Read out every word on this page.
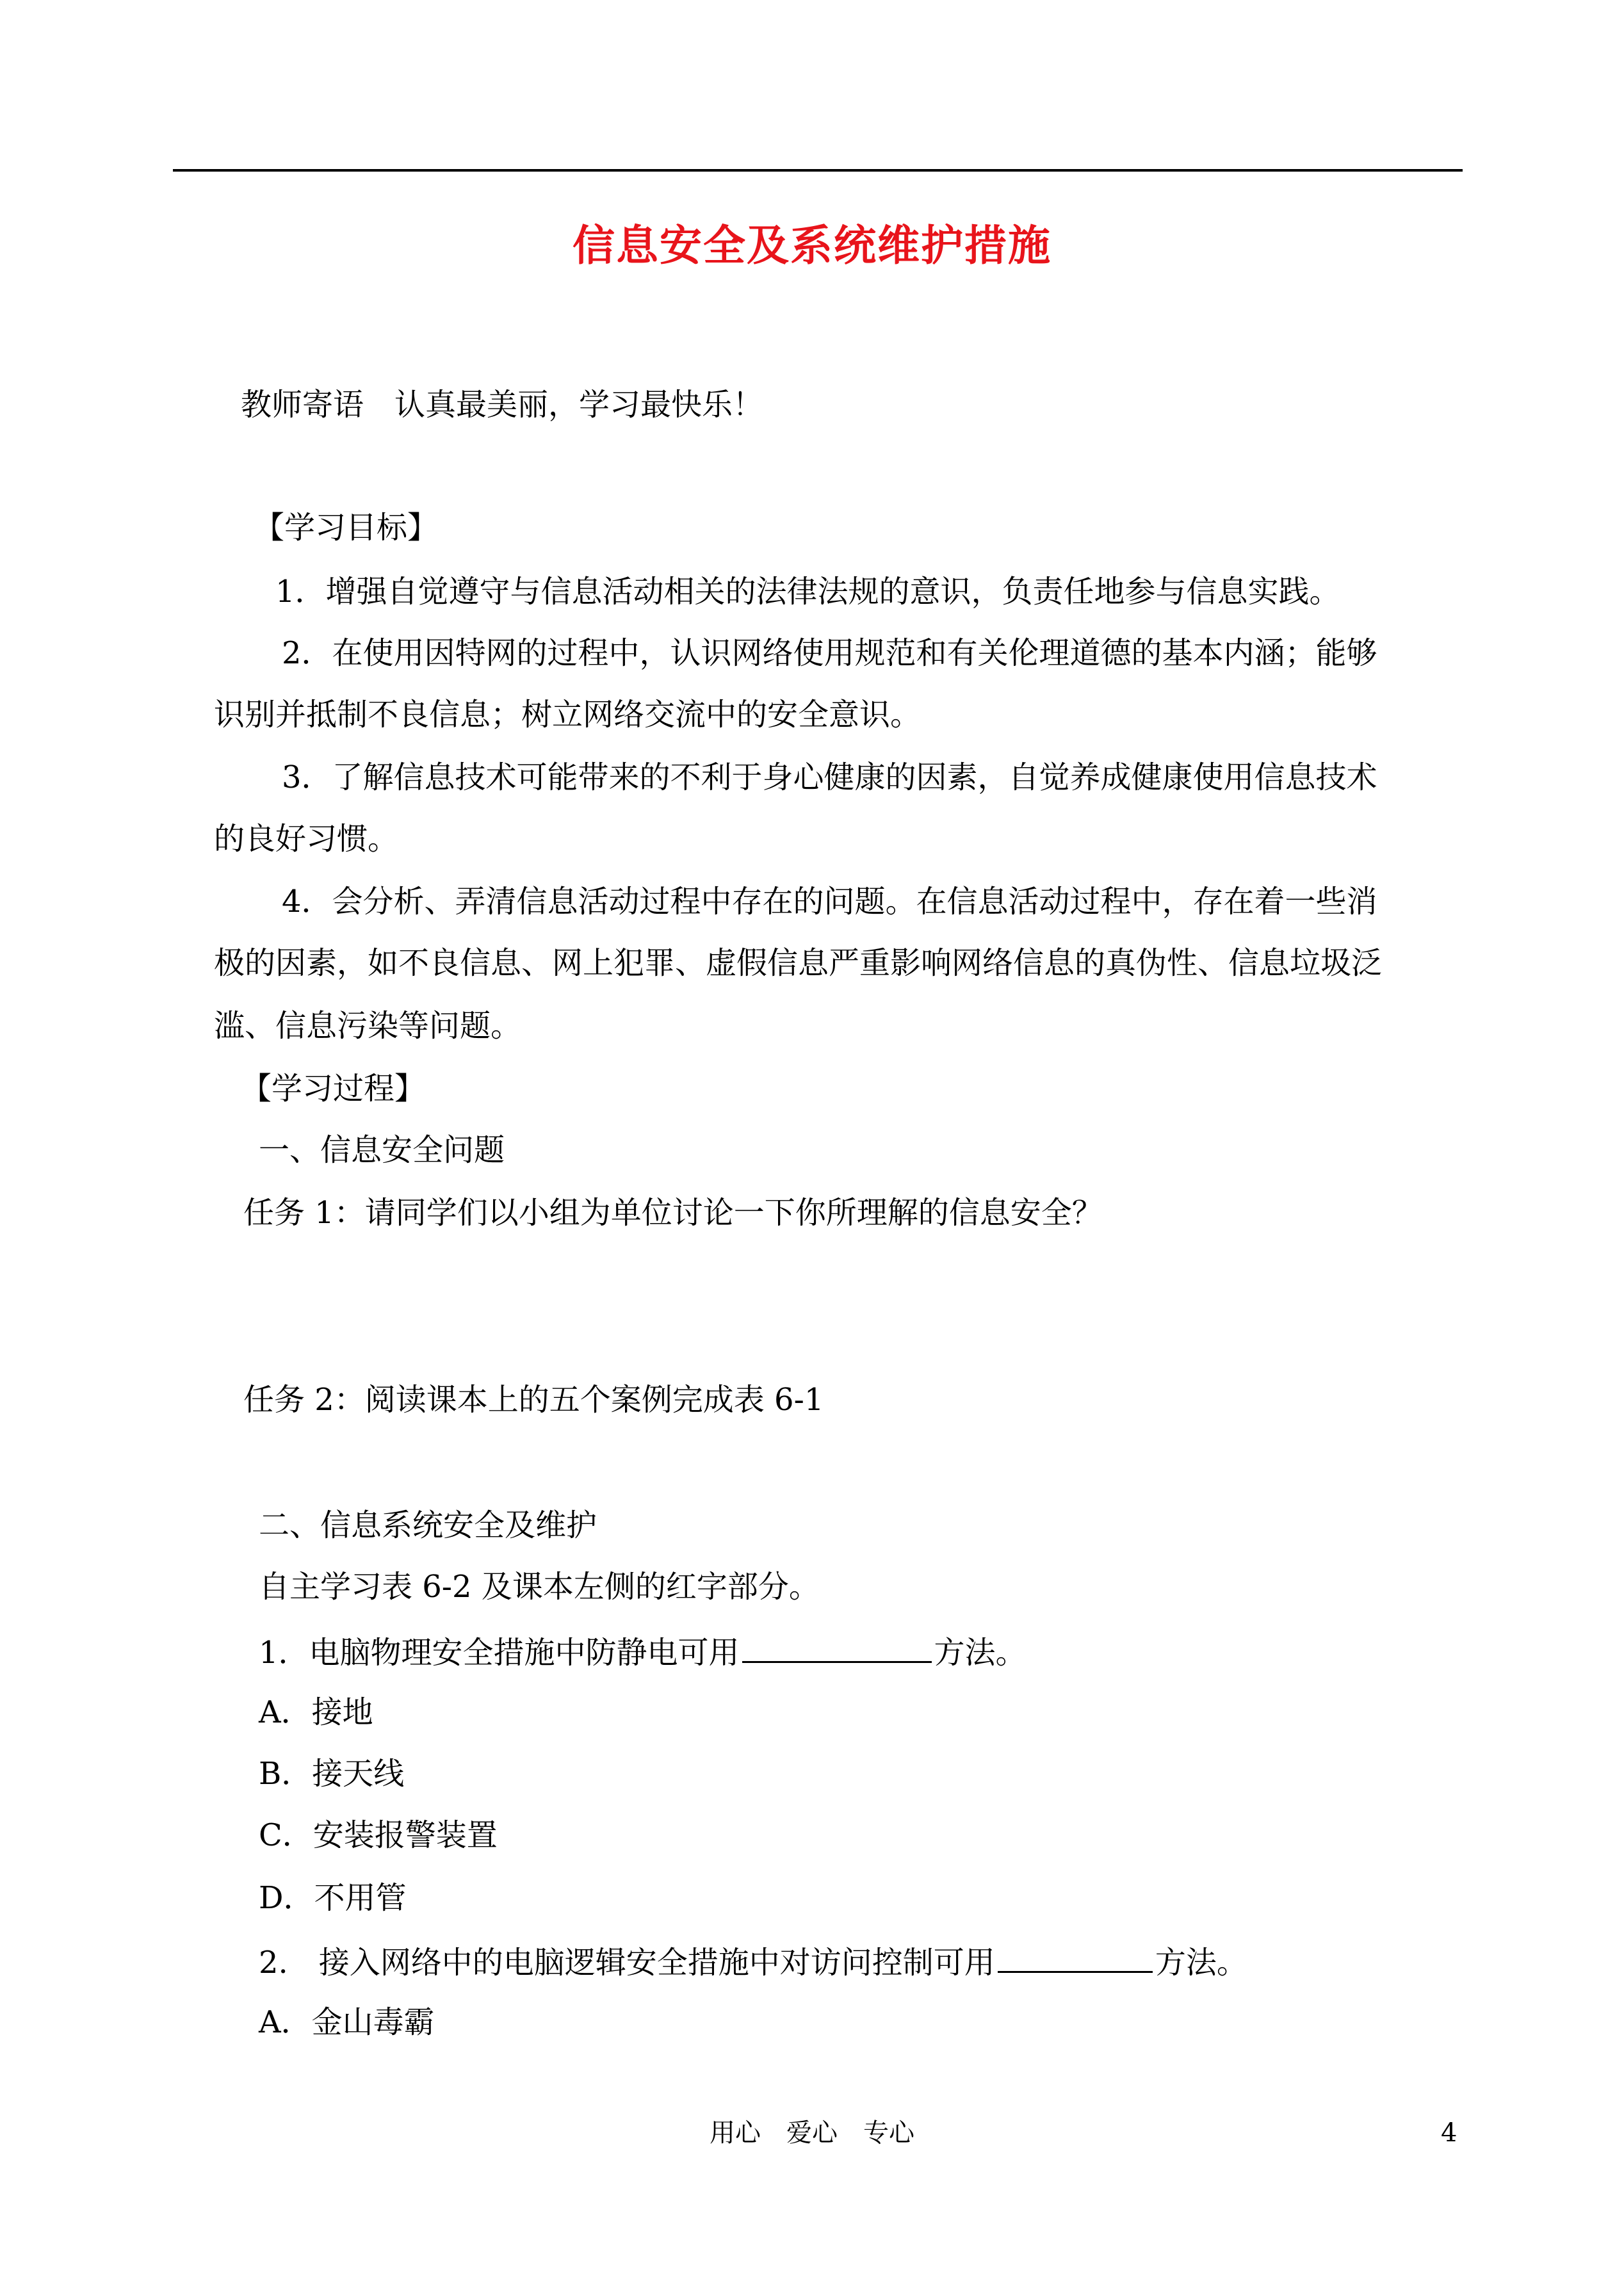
信息安全及系统维护措施
教师寄语　认真最美丽，学习最快乐！
【学习目标】
1．增强自觉遵守与信息活动相关的法律法规的意识，负责任地参与信息实践。
2．在使用因特网的过程中，认识网络使用规范和有关伦理道德的基本内涵；能够
识别并抵制不良信息；树立网络交流中的安全意识。
3．了解信息技术可能带来的不利于身心健康的因素，自觉养成健康使用信息技术
的良好习惯。
4．会分析、弄清信息活动过程中存在的问题。在信息活动过程中，存在着一些消
极的因素，如不良信息、网上犯罪、虚假信息严重影响网络信息的真伪性、信息垃圾泛
滥、信息污染等问题。
【学习过程】
一、信息安全问题
任务 1：请同学们以小组为单位讨论一下你所理解的信息安全？
任务 2：阅读课本上的五个案例完成表 6-1
二、信息系统安全及维护
自主学习表 6-2 及课本左侧的红字部分。
1．电脑物理安全措施中防静电可用	方法。
A．接地
B．接天线
C．安装报警装置
D．不用管
2.　接入网络中的电脑逻辑安全措施中对访问控制可用	方法。
A．金山毒霸
用心　爱心　专心	4
